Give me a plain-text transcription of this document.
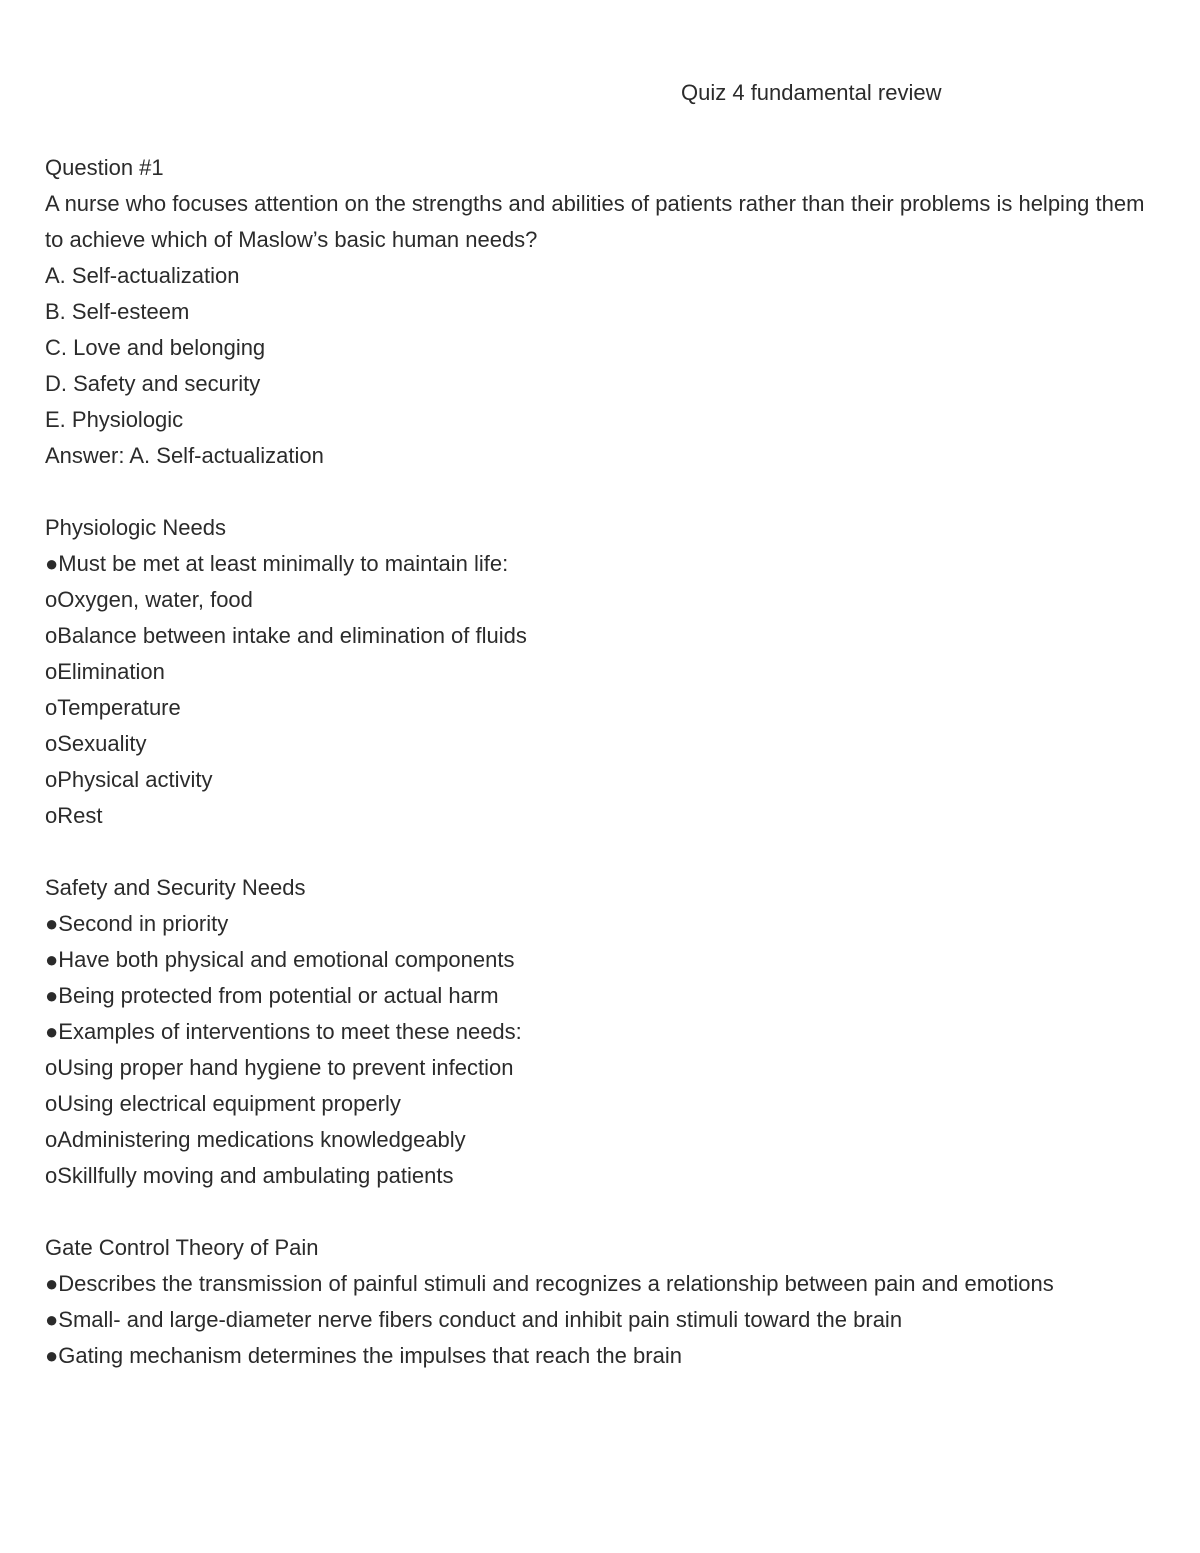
Quiz 4 fundamental review

Question #1

A nurse who focuses attention on the strengths and abilities of patients rather than their problems is helping them to achieve which of Maslow’s basic human needs?

A. Self-actualization

B. Self-esteem

C. Love and belonging

D. Safety and security

E. Physiologic

Answer: A. Self-actualization

Physiologic Needs

●Must be met at least minimally to maintain life:

oOxygen, water, food

oBalance between intake and elimination of fluids

oElimination

oTemperature

oSexuality

oPhysical activity

oRest

Safety and Security Needs

●Second in priority

●Have both physical and emotional components

●Being protected from potential or actual harm

●Examples of interventions to meet these needs:

oUsing proper hand hygiene to prevent infection

oUsing electrical equipment properly

oAdministering medications knowledgeably

oSkillfully moving and ambulating patients

Gate Control Theory of Pain

●Describes the transmission of painful stimuli and recognizes a relationship between pain and emotions

●Small- and large-diameter nerve fibers conduct and inhibit pain stimuli toward the brain

●Gating mechanism determines the impulses that reach the brain
